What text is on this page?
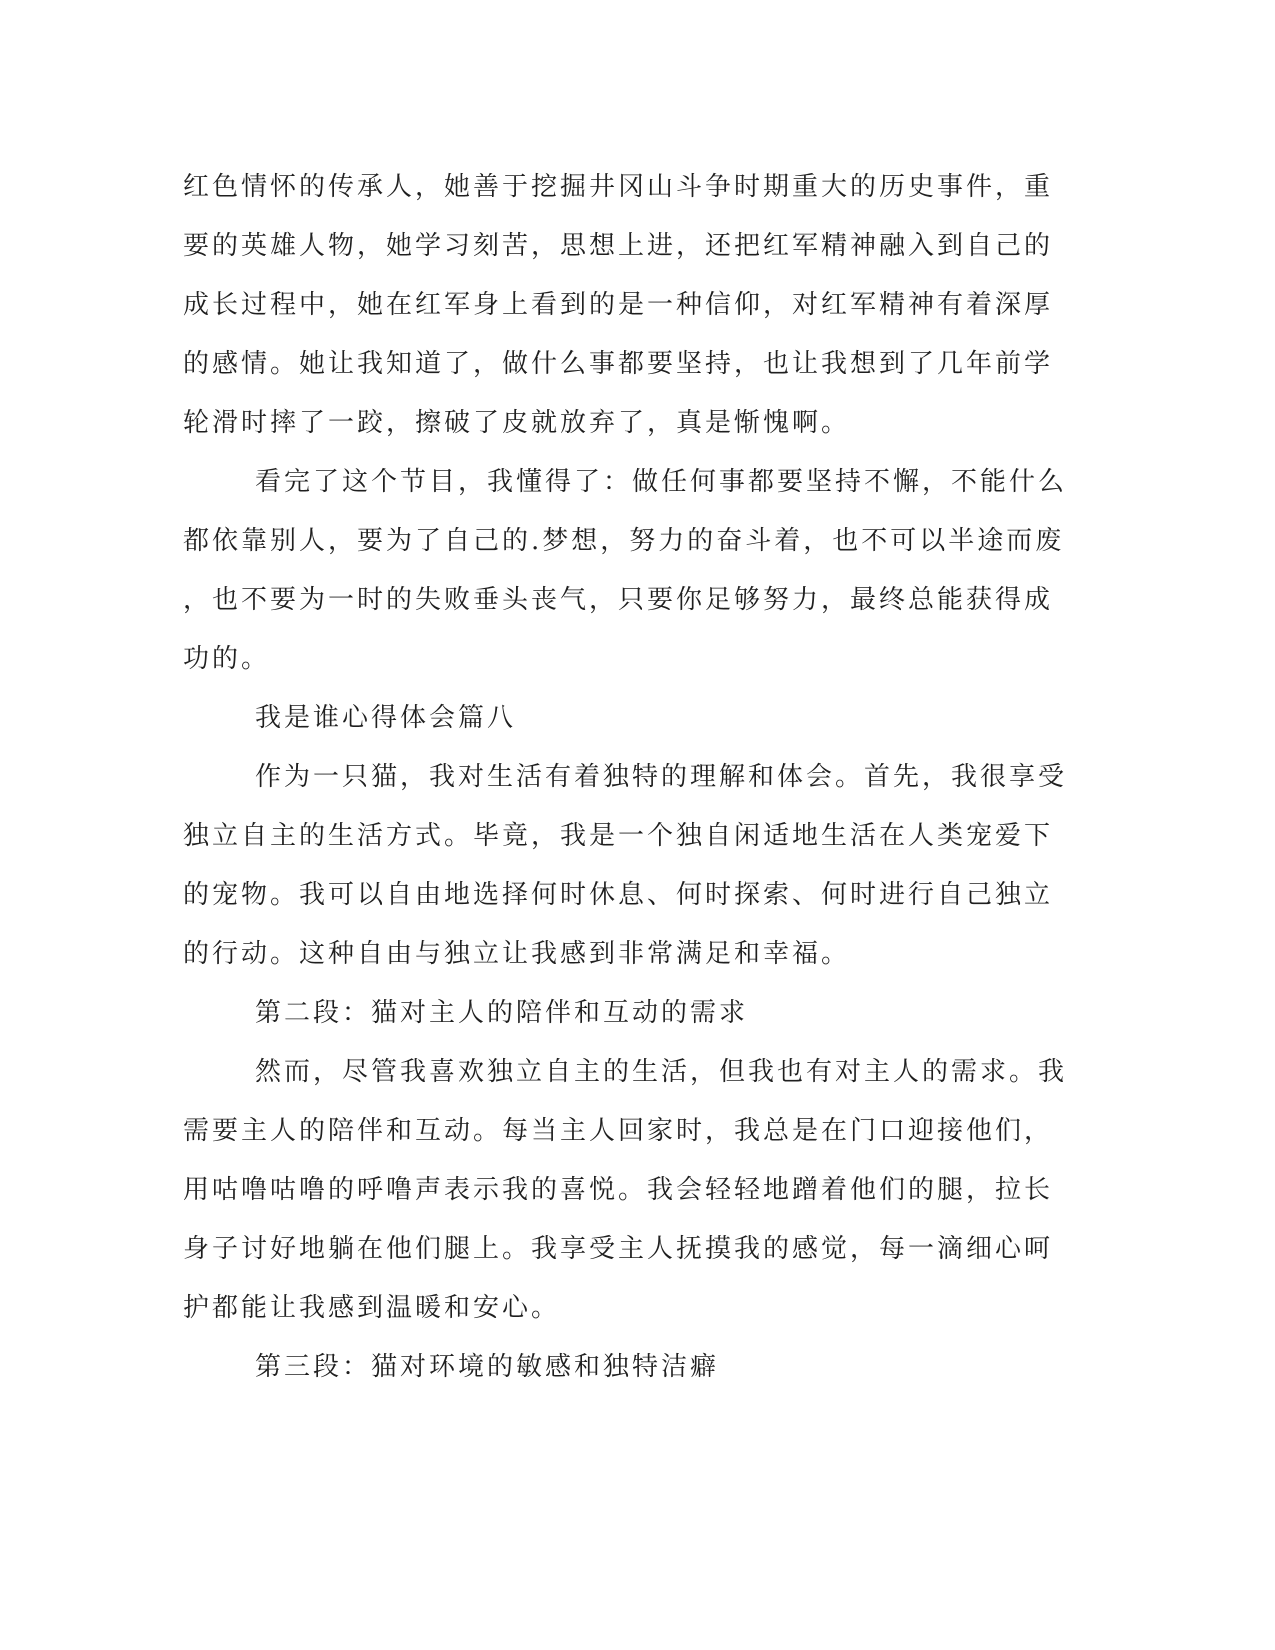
红色情怀的传承人，她善于挖掘井冈山斗争时期重大的历史事件，重
要的英雄人物，她学习刻苦，思想上进，还把红军精神融入到自己的
成长过程中，她在红军身上看到的是一种信仰，对红军精神有着深厚
的感情。她让我知道了，做什么事都要坚持，也让我想到了几年前学
轮滑时摔了一跤，擦破了皮就放弃了，真是惭愧啊。
看完了这个节目，我懂得了：做任何事都要坚持不懈，不能什么
都依靠别人，要为了自己的.梦想，努力的奋斗着，也不可以半途而废
，也不要为一时的失败垂头丧气，只要你足够努力，最终总能获得成
功的。
我是谁心得体会篇八
作为一只猫，我对生活有着独特的理解和体会。首先，我很享受
独立自主的生活方式。毕竟，我是一个独自闲适地生活在人类宠爱下
的宠物。我可以自由地选择何时休息、何时探索、何时进行自己独立
的行动。这种自由与独立让我感到非常满足和幸福。
第二段：猫对主人的陪伴和互动的需求
然而，尽管我喜欢独立自主的生活，但我也有对主人的需求。我
需要主人的陪伴和互动。每当主人回家时，我总是在门口迎接他们，
用咕噜咕噜的呼噜声表示我的喜悦。我会轻轻地蹭着他们的腿，拉长
身子讨好地躺在他们腿上。我享受主人抚摸我的感觉，每一滴细心呵
护都能让我感到温暖和安心。
第三段：猫对环境的敏感和独特洁癖
